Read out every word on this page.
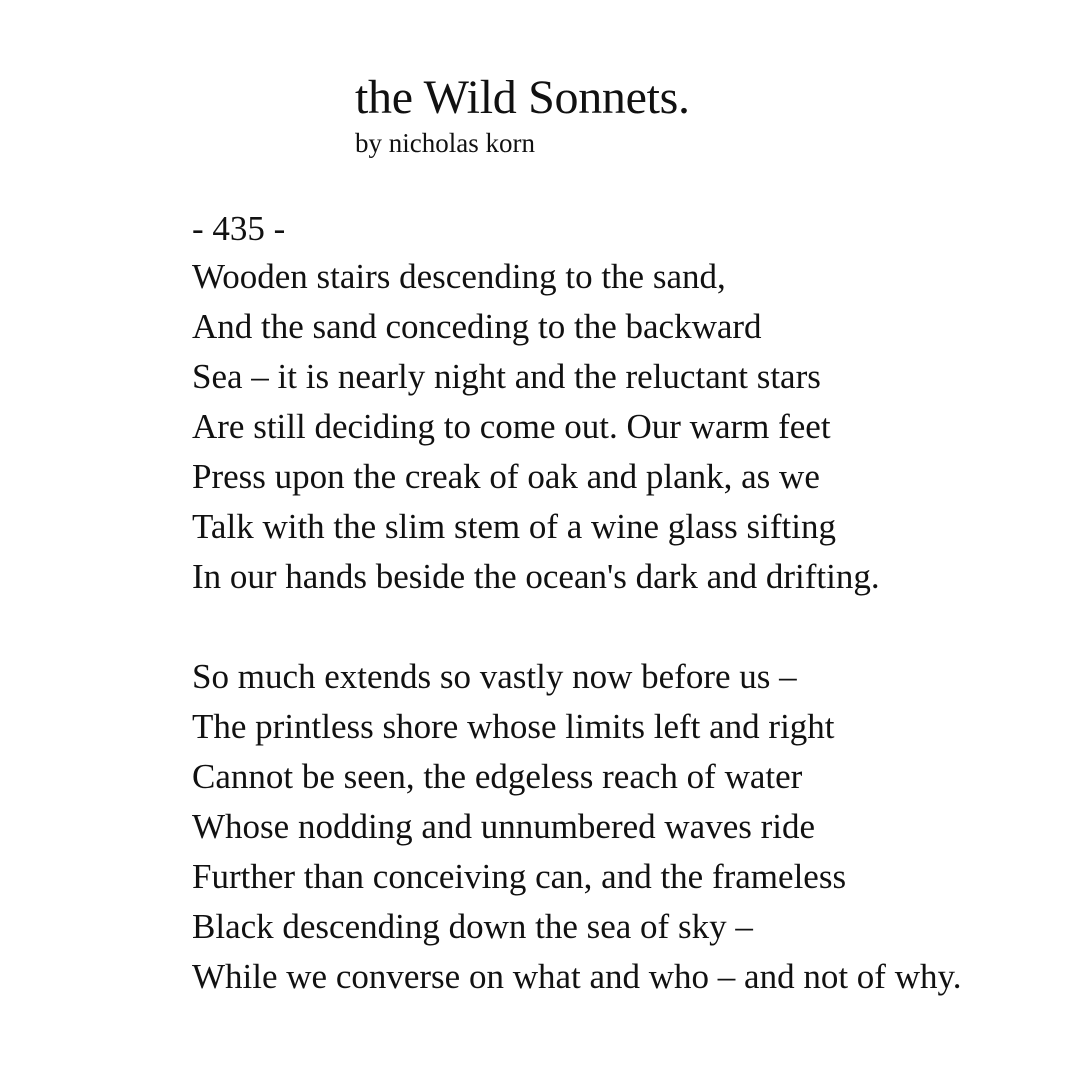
the Wild Sonnets.

by nicholas korn

- 435 -
Wooden stairs descending to the sand,
And the sand conceding to the backward
Sea – it is nearly night and the reluctant stars
Are still deciding to come out. Our warm feet
Press upon the creak of oak and plank, as we
Talk with the slim stem of a wine glass sifting
In our hands beside the ocean's dark and drifting.
So much extends so vastly now before us –
The printless shore whose limits left and right
Cannot be seen, the edgeless reach of water
Whose nodding and unnumbered waves ride
Further than conceiving can, and the frameless
Black descending down the sea of sky –
While we converse on what and who – and not of why.
